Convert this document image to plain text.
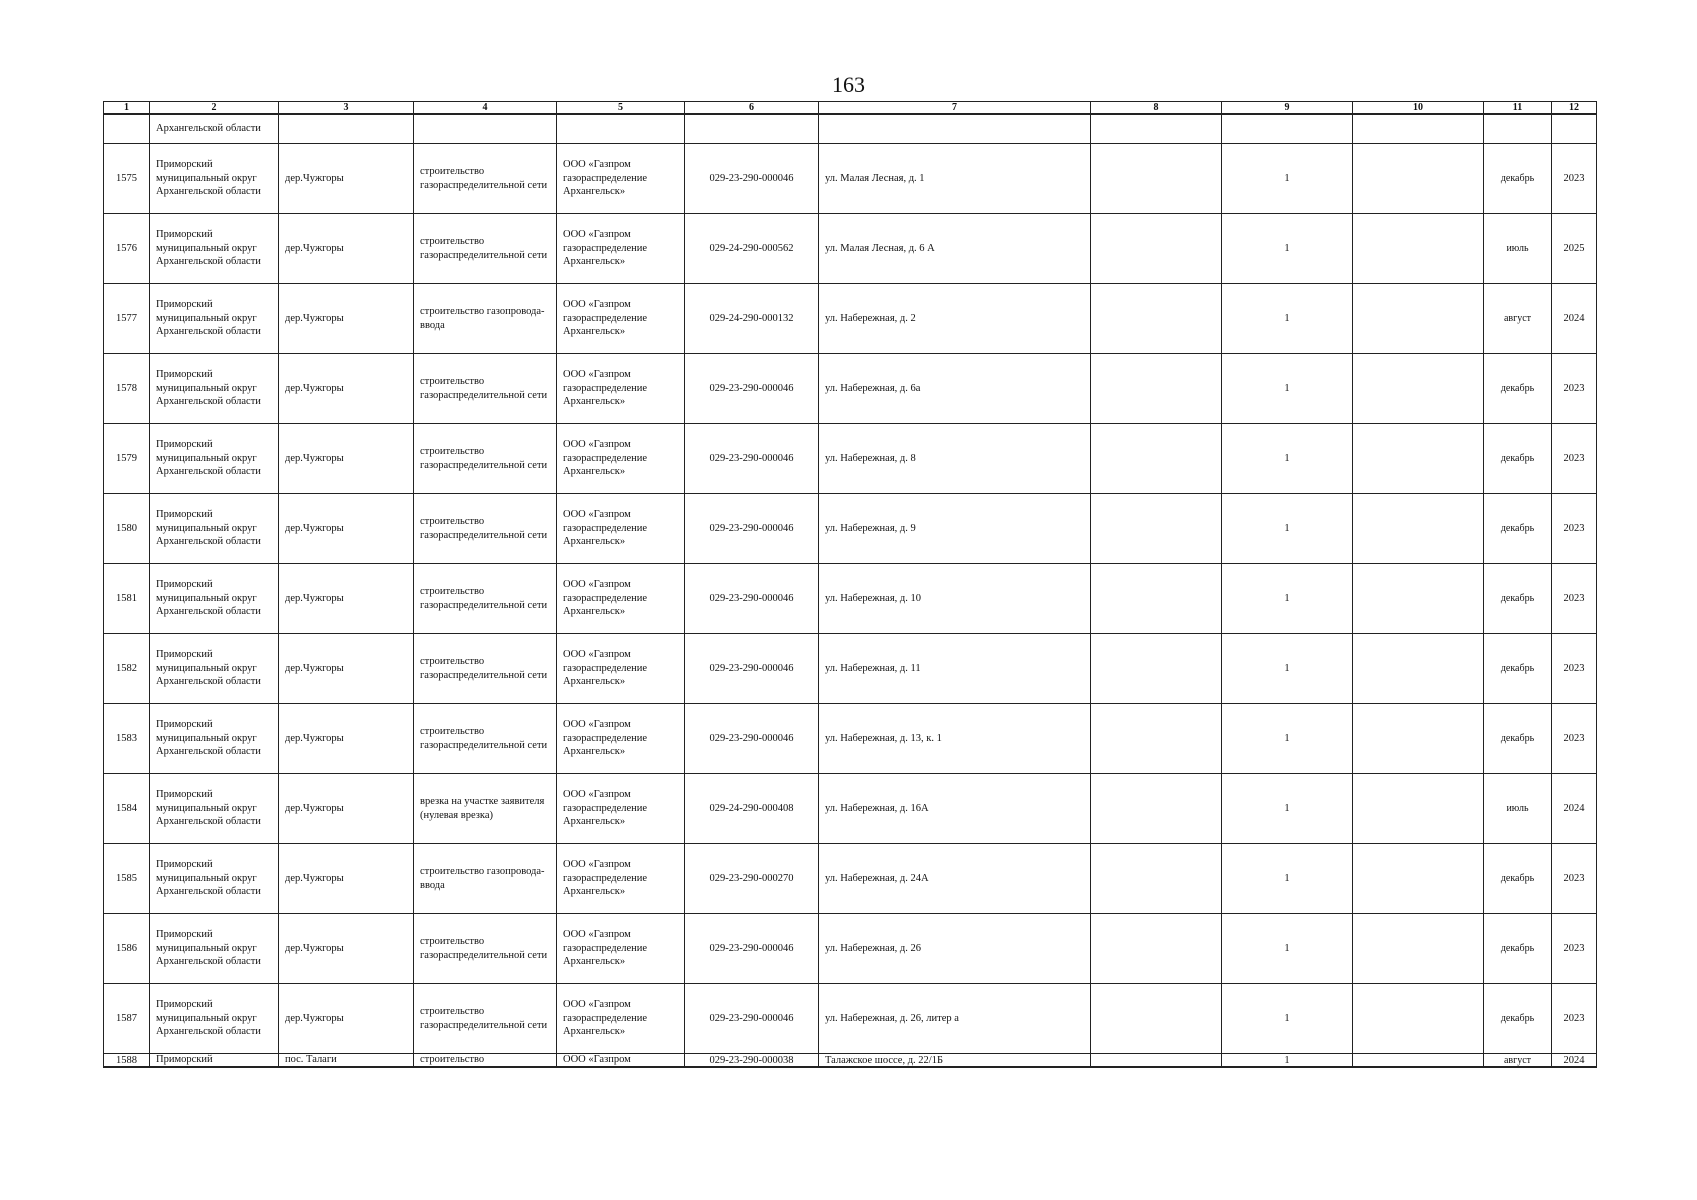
163
1	2	3	4	5	6	7	8	9	10	11	12
	Архангельской области										
1575	Приморский муниципальный округ Архангельской области	дер.Чужгоры	строительство газораспределительной сети	ООО «Газпром газораспределение Архангельск»	029-23-290-000046	ул. Малая Лесная, д. 1		1		декабрь	2023
1576	Приморский муниципальный округ Архангельской области	дер.Чужгоры	строительство газораспределительной сети	ООО «Газпром газораспределение Архангельск»	029-24-290-000562	ул. Малая Лесная, д. 6 А		1		июль	2025
1577	Приморский муниципальный округ Архангельской области	дер.Чужгоры	строительство газопровода-ввода	ООО «Газпром газораспределение Архангельск»	029-24-290-000132	ул. Набережная, д. 2		1		август	2024
1578	Приморский муниципальный округ Архангельской области	дер.Чужгоры	строительство газораспределительной сети	ООО «Газпром газораспределение Архангельск»	029-23-290-000046	ул. Набережная, д. 6а		1		декабрь	2023
1579	Приморский муниципальный округ Архангельской области	дер.Чужгоры	строительство газораспределительной сети	ООО «Газпром газораспределение Архангельск»	029-23-290-000046	ул. Набережная, д. 8		1		декабрь	2023
1580	Приморский муниципальный округ Архангельской области	дер.Чужгоры	строительство газораспределительной сети	ООО «Газпром газораспределение Архангельск»	029-23-290-000046	ул. Набережная, д. 9		1		декабрь	2023
1581	Приморский муниципальный округ Архангельской области	дер.Чужгоры	строительство газораспределительной сети	ООО «Газпром газораспределение Архангельск»	029-23-290-000046	ул. Набережная, д. 10		1		декабрь	2023
1582	Приморский муниципальный округ Архангельской области	дер.Чужгоры	строительство газораспределительной сети	ООО «Газпром газораспределение Архангельск»	029-23-290-000046	ул. Набережная, д. 11		1		декабрь	2023
1583	Приморский муниципальный округ Архангельской области	дер.Чужгоры	строительство газораспределительной сети	ООО «Газпром газораспределение Архангельск»	029-23-290-000046	ул. Набережная, д. 13, к. 1		1		декабрь	2023
1584	Приморский муниципальный округ Архангельской области	дер.Чужгоры	врезка на участке заявителя (нулевая врезка)	ООО «Газпром газораспределение Архангельск»	029-24-290-000408	ул. Набережная, д. 16А		1		июль	2024
1585	Приморский муниципальный округ Архангельской области	дер.Чужгоры	строительство газопровода-ввода	ООО «Газпром газораспределение Архангельск»	029-23-290-000270	ул. Набережная, д. 24А		1		декабрь	2023
1586	Приморский муниципальный округ Архангельской области	дер.Чужгоры	строительство газораспределительной сети	ООО «Газпром газораспределение Архангельск»	029-23-290-000046	ул. Набережная, д. 26		1		декабрь	2023
1587	Приморский муниципальный округ Архангельской области	дер.Чужгоры	строительство газораспределительной сети	ООО «Газпром газораспределение Архангельск»	029-23-290-000046	ул. Набережная, д. 26, литер а		1		декабрь	2023
1588	Приморский	пос. Талаги	строительство	ООО «Газпром	029-23-290-000038	Талажское шоссе, д. 22/1Б		1		август	2024
